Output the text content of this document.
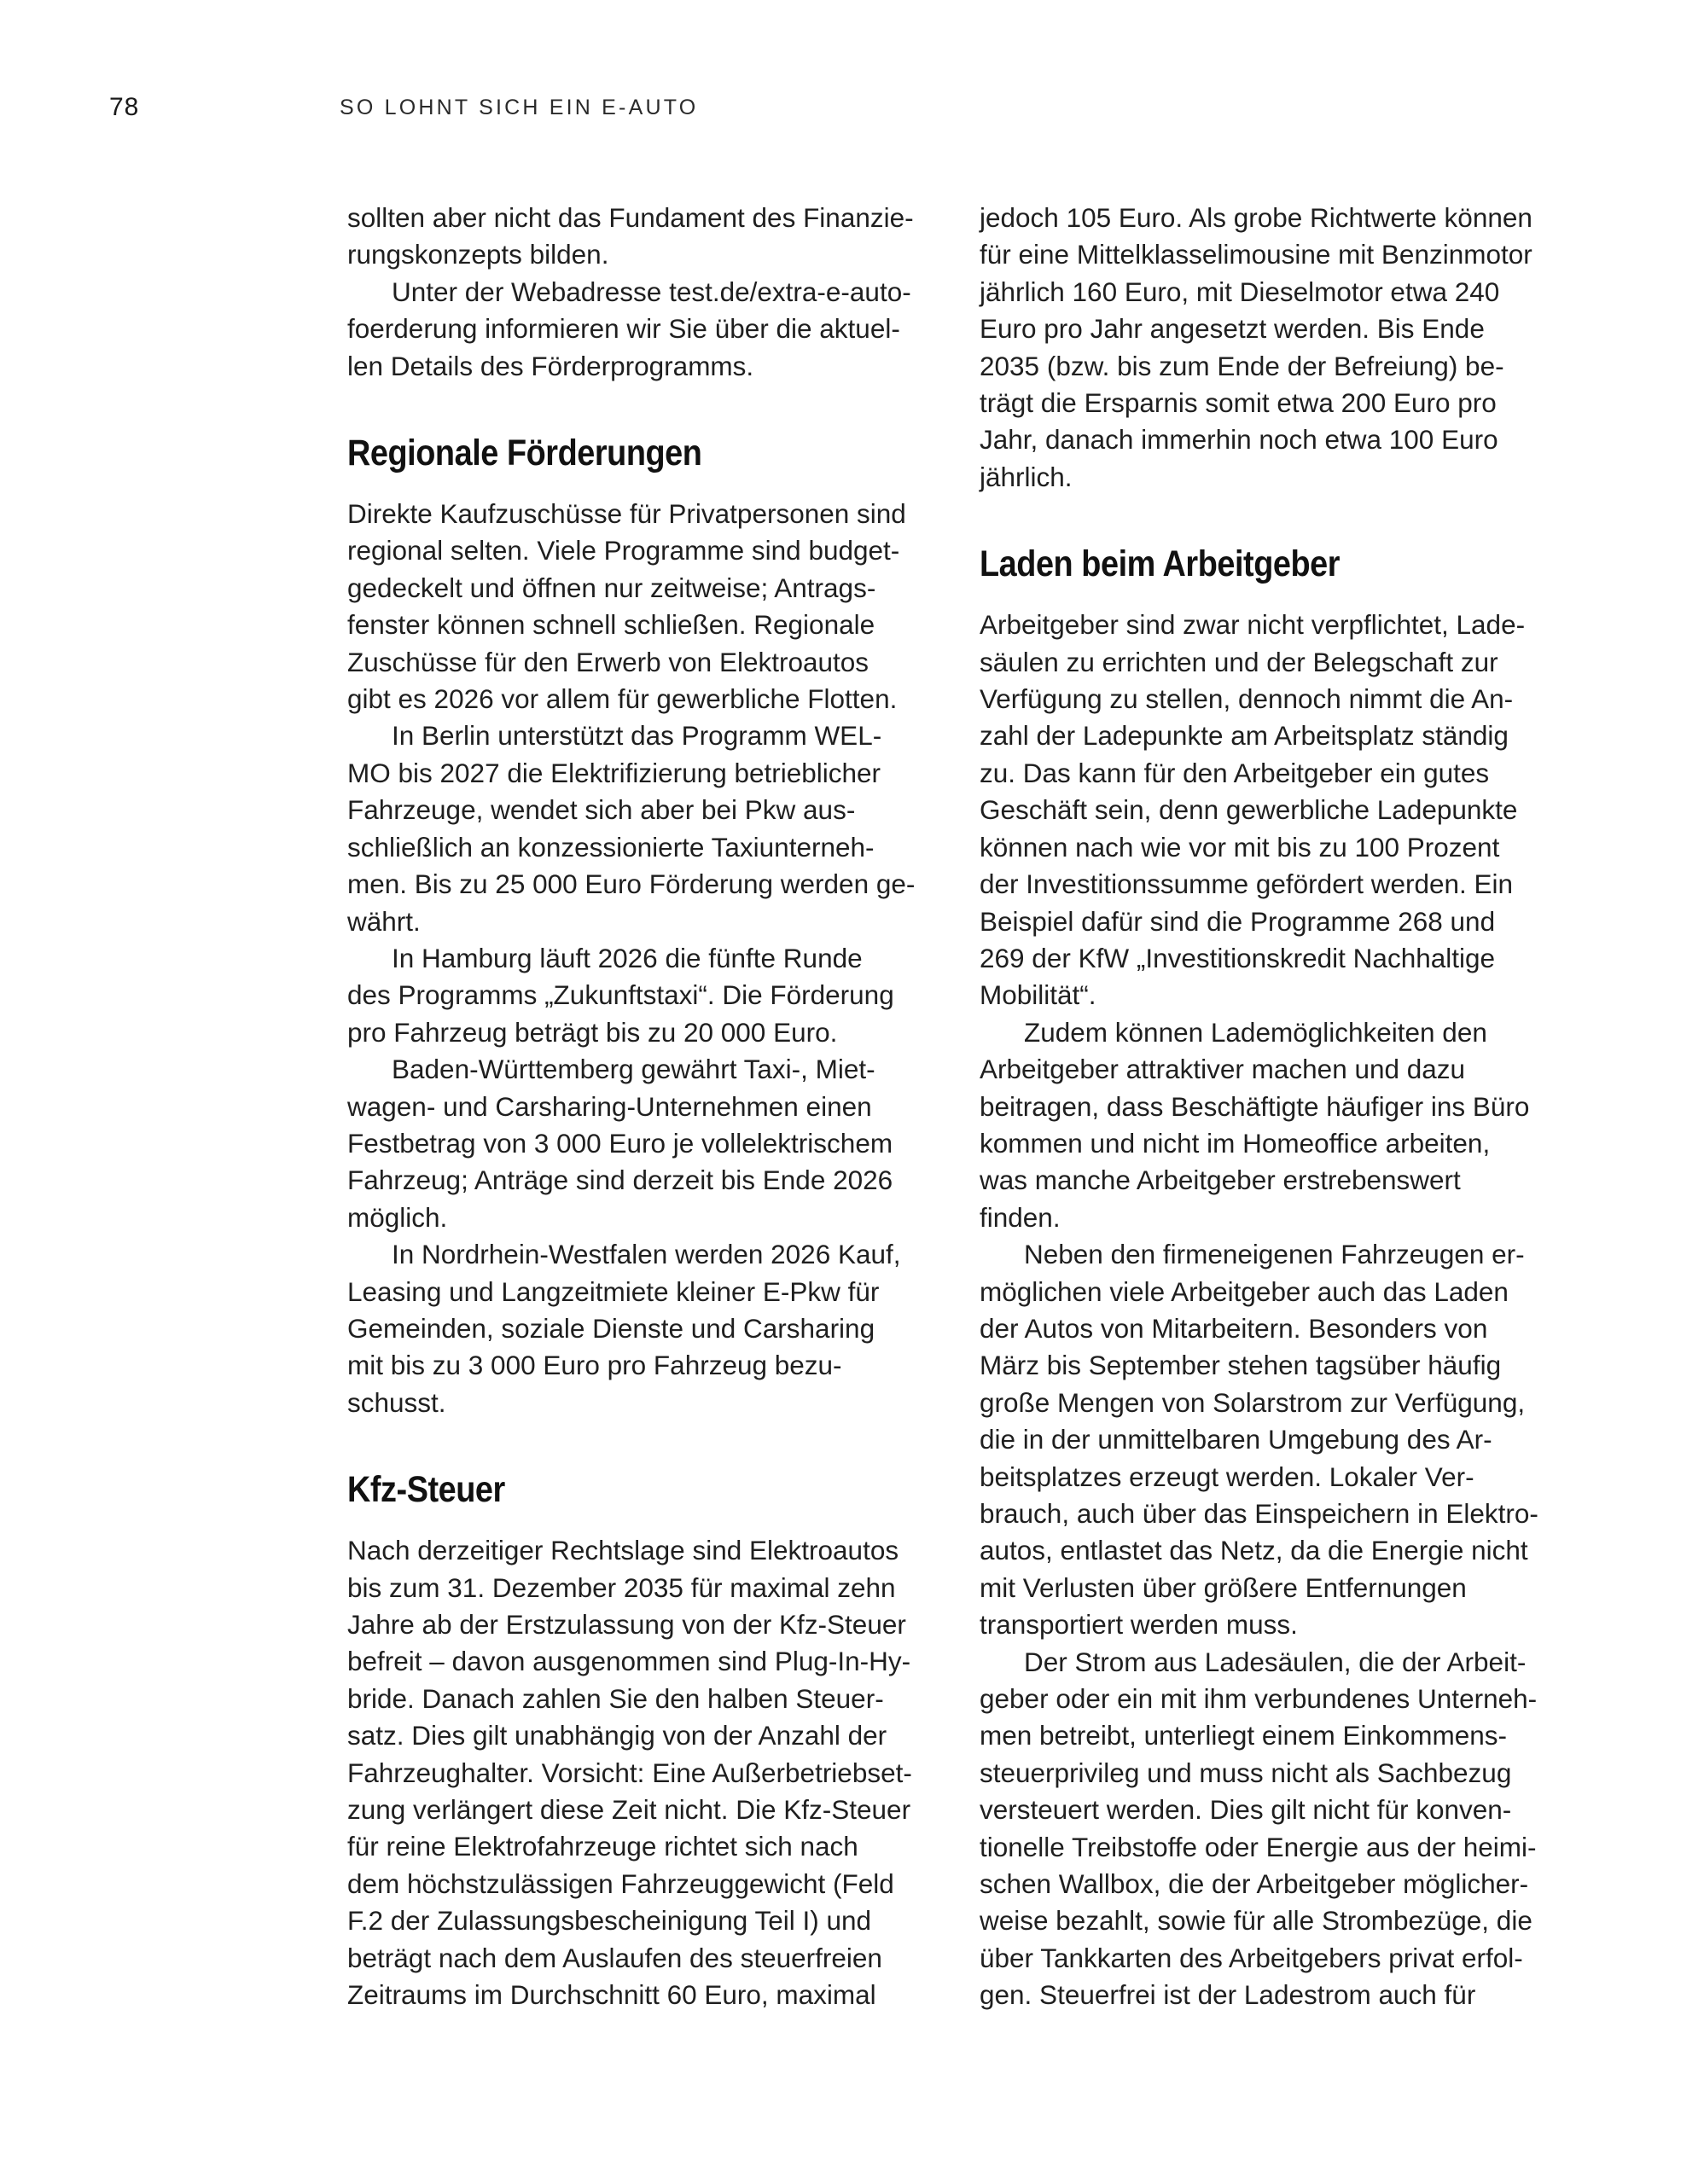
78	SO LOHNT SICH EIN E-AUTO
sollten aber nicht das Fundament des Finanzie-
rungskonzepts bilden.
Unter der Webadresse test.de/extra-e-auto-
foerderung informieren wir Sie über die aktuel-
len Details des Förderprogramms.
Regionale Förderungen
Direkte Kaufzuschüsse für Privatpersonen sind
regional selten. Viele Programme sind budget-
gedeckelt und öffnen nur zeitweise; Antrags-
fenster können schnell schließen. Regionale
Zuschüsse für den Erwerb von Elektroautos
gibt es 2026 vor allem für gewerbliche Flotten.
In Berlin unterstützt das Programm WEL-
MO bis 2027 die Elektrifizierung betrieblicher
Fahrzeuge, wendet sich aber bei Pkw aus-
schließlich an konzessionierte Taxiunterneh-
men. Bis zu 25 000 Euro Förderung werden ge-
währt.
In Hamburg läuft 2026 die fünfte Runde
des Programms „Zukunftstaxi“. Die Förderung
pro Fahrzeug beträgt bis zu 20 000 Euro.
Baden-Württemberg gewährt Taxi-, Miet-
wagen- und Carsharing-Unternehmen einen
Festbetrag von 3 000 Euro je vollelektrischem
Fahrzeug; Anträge sind derzeit bis Ende 2026
möglich.
In Nordrhein-Westfalen werden 2026 Kauf,
Leasing und Langzeitmiete kleiner E-Pkw für
Gemeinden, soziale Dienste und Carsharing
mit bis zu 3 000 Euro pro Fahrzeug bezu-
schusst.
Kfz-Steuer
Nach derzeitiger Rechtslage sind Elektroautos
bis zum 31. Dezember 2035 für maximal zehn
Jahre ab der Erstzulassung von der Kfz-Steuer
befreit – davon ausgenommen sind Plug-In-Hy-
bride. Danach zahlen Sie den halben Steuer-
satz. Dies gilt unabhängig von der Anzahl der
Fahrzeughalter. Vorsicht: Eine Außerbetriebset-
zung verlängert diese Zeit nicht. Die Kfz-Steuer
für reine Elektrofahrzeuge richtet sich nach
dem höchstzulässigen Fahrzeuggewicht (Feld
F.2 der Zulassungsbescheinigung Teil I) und
beträgt nach dem Auslaufen des steuerfreien
Zeitraums im Durchschnitt 60 Euro, maximal
jedoch 105 Euro. Als grobe Richtwerte können
für eine Mittelklasselimousine mit Benzinmotor
jährlich 160 Euro, mit Dieselmotor etwa 240
Euro pro Jahr angesetzt werden. Bis Ende
2035 (bzw. bis zum Ende der Befreiung) be-
trägt die Ersparnis somit etwa 200 Euro pro
Jahr, danach immerhin noch etwa 100 Euro
jährlich.
Laden beim Arbeitgeber
Arbeitgeber sind zwar nicht verpflichtet, Lade-
säulen zu errichten und der Belegschaft zur
Verfügung zu stellen, dennoch nimmt die An-
zahl der Ladepunkte am Arbeitsplatz ständig
zu. Das kann für den Arbeitgeber ein gutes
Geschäft sein, denn gewerbliche Ladepunkte
können nach wie vor mit bis zu 100 Prozent
der Investitionssumme gefördert werden. Ein
Beispiel dafür sind die Programme 268 und
269 der KfW „Investitionskredit Nachhaltige
Mobilität“.
Zudem können Lademöglichkeiten den
Arbeitgeber attraktiver machen und dazu
beitragen, dass Beschäftigte häufiger ins Büro
kommen und nicht im Homeoffice arbeiten,
was manche Arbeitgeber erstrebenswert
finden.
Neben den firmeneigenen Fahrzeugen er-
möglichen viele Arbeitgeber auch das Laden
der Autos von Mitarbeitern. Besonders von
März bis September stehen tagsüber häufig
große Mengen von Solarstrom zur Verfügung,
die in der unmittelbaren Umgebung des Ar-
beitsplatzes erzeugt werden. Lokaler Ver-
brauch, auch über das Einspeichern in Elektro-
autos, entlastet das Netz, da die Energie nicht
mit Verlusten über größere Entfernungen
transportiert werden muss.
Der Strom aus Ladesäulen, die der Arbeit-
geber oder ein mit ihm verbundenes Unterneh-
men betreibt, unterliegt einem Einkommens-
steuerprivileg und muss nicht als Sachbezug
versteuert werden. Dies gilt nicht für konven-
tionelle Treibstoffe oder Energie aus der heimi-
schen Wallbox, die der Arbeitgeber möglicher-
weise bezahlt, sowie für alle Strombezüge, die
über Tankkarten des Arbeitgebers privat erfol-
gen. Steuerfrei ist der Ladestrom auch für
